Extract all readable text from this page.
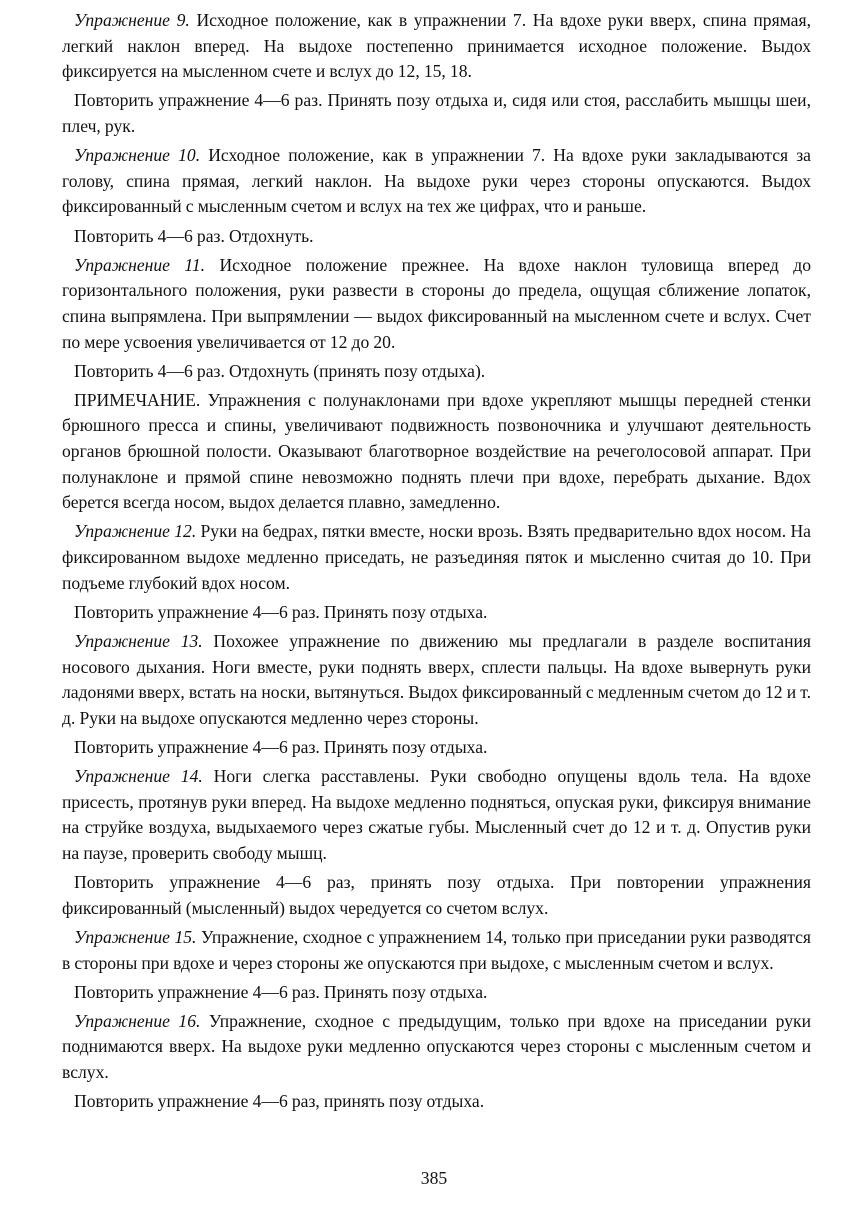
Упражнение 9. Исходное положение, как в упражнении 7. На вдохе руки вверх, спина прямая, легкий наклон вперед. На выдохе постепенно принимается исходное положение. Выдох фиксируется на мысленном счете и вслух до 12, 15, 18.

Повторить упражнение 4—6 раз. Принять позу отдыха и, сидя или стоя, расслабить мышцы шеи, плеч, рук.

Упражнение 10. Исходное положение, как в упражнении 7. На вдохе руки закладываются за голову, спина прямая, легкий наклон. На выдохе руки через стороны опускаются. Выдох фиксированный с мысленным счетом и вслух на тех же цифрах, что и раньше.

Повторить 4—6 раз. Отдохнуть.

Упражнение 11. Исходное положение прежнее. На вдохе наклон туловища вперед до горизонтального положения, руки развести в стороны до предела, ощущая сближение лопаток, спина выпрямлена. При выпрямлении — выдох фиксированный на мысленном счете и вслух. Счет по мере усвоения увеличивается от 12 до 20.

Повторить 4—6 раз. Отдохнуть (принять позу отдыха).

ПРИМЕЧАНИЕ. Упражнения с полунаклонами при вдохе укрепляют мышцы передней стенки брюшного пресса и спины, увеличивают подвижность позвоночника и улучшают деятельность органов брюшной полости. Оказывают благотворное воздействие на речеголосовой аппарат. При полунаклоне и прямой спине невозможно поднять плечи при вдохе, перебрать дыхание. Вдох берется всегда носом, выдох делается плавно, замедленно.

Упражнение 12. Руки на бедрах, пятки вместе, носки врозь. Взять предварительно вдох носом. На фиксированном выдохе медленно приседать, не разъединяя пяток и мысленно считая до 10. При подъеме глубокий вдох носом.

Повторить упражнение 4—6 раз. Принять позу отдыха.

Упражнение 13. Похожее упражнение по движению мы предлагали в разделе воспитания носового дыхания. Ноги вместе, руки поднять вверх, сплести пальцы. На вдохе вывернуть руки ладонями вверх, встать на носки, вытянуться. Выдох фиксированный с медленным счетом до 12 и т. д. Руки на выдохе опускаются медленно через стороны.

Повторить упражнение 4—6 раз. Принять позу отдыха.

Упражнение 14. Ноги слегка расставлены. Руки свободно опущены вдоль тела. На вдохе присесть, протянув руки вперед. На выдохе медленно подняться, опуская руки, фиксируя внимание на струйке воздуха, выдыхаемого через сжатые губы. Мысленный счет до 12 и т. д. Опустив руки на паузе, проверить свободу мышц.

Повторить упражнение 4—6 раз, принять позу отдыха. При повторении упражнения фиксированный (мысленный) выдох чередуется со счетом вслух.

Упражнение 15. Упражнение, сходное с упражнением 14, только при приседании руки разводятся в стороны при вдохе и через стороны же опускаются при выдохе, с мысленным счетом и вслух.

Повторить упражнение 4—6 раз. Принять позу отдыха.

Упражнение 16. Упражнение, сходное с предыдущим, только при вдохе на приседании руки поднимаются вверх. На выдохе руки медленно опускаются через стороны с мысленным счетом и вслух.

Повторить упражнение 4—6 раз, принять позу отдыха.

385
